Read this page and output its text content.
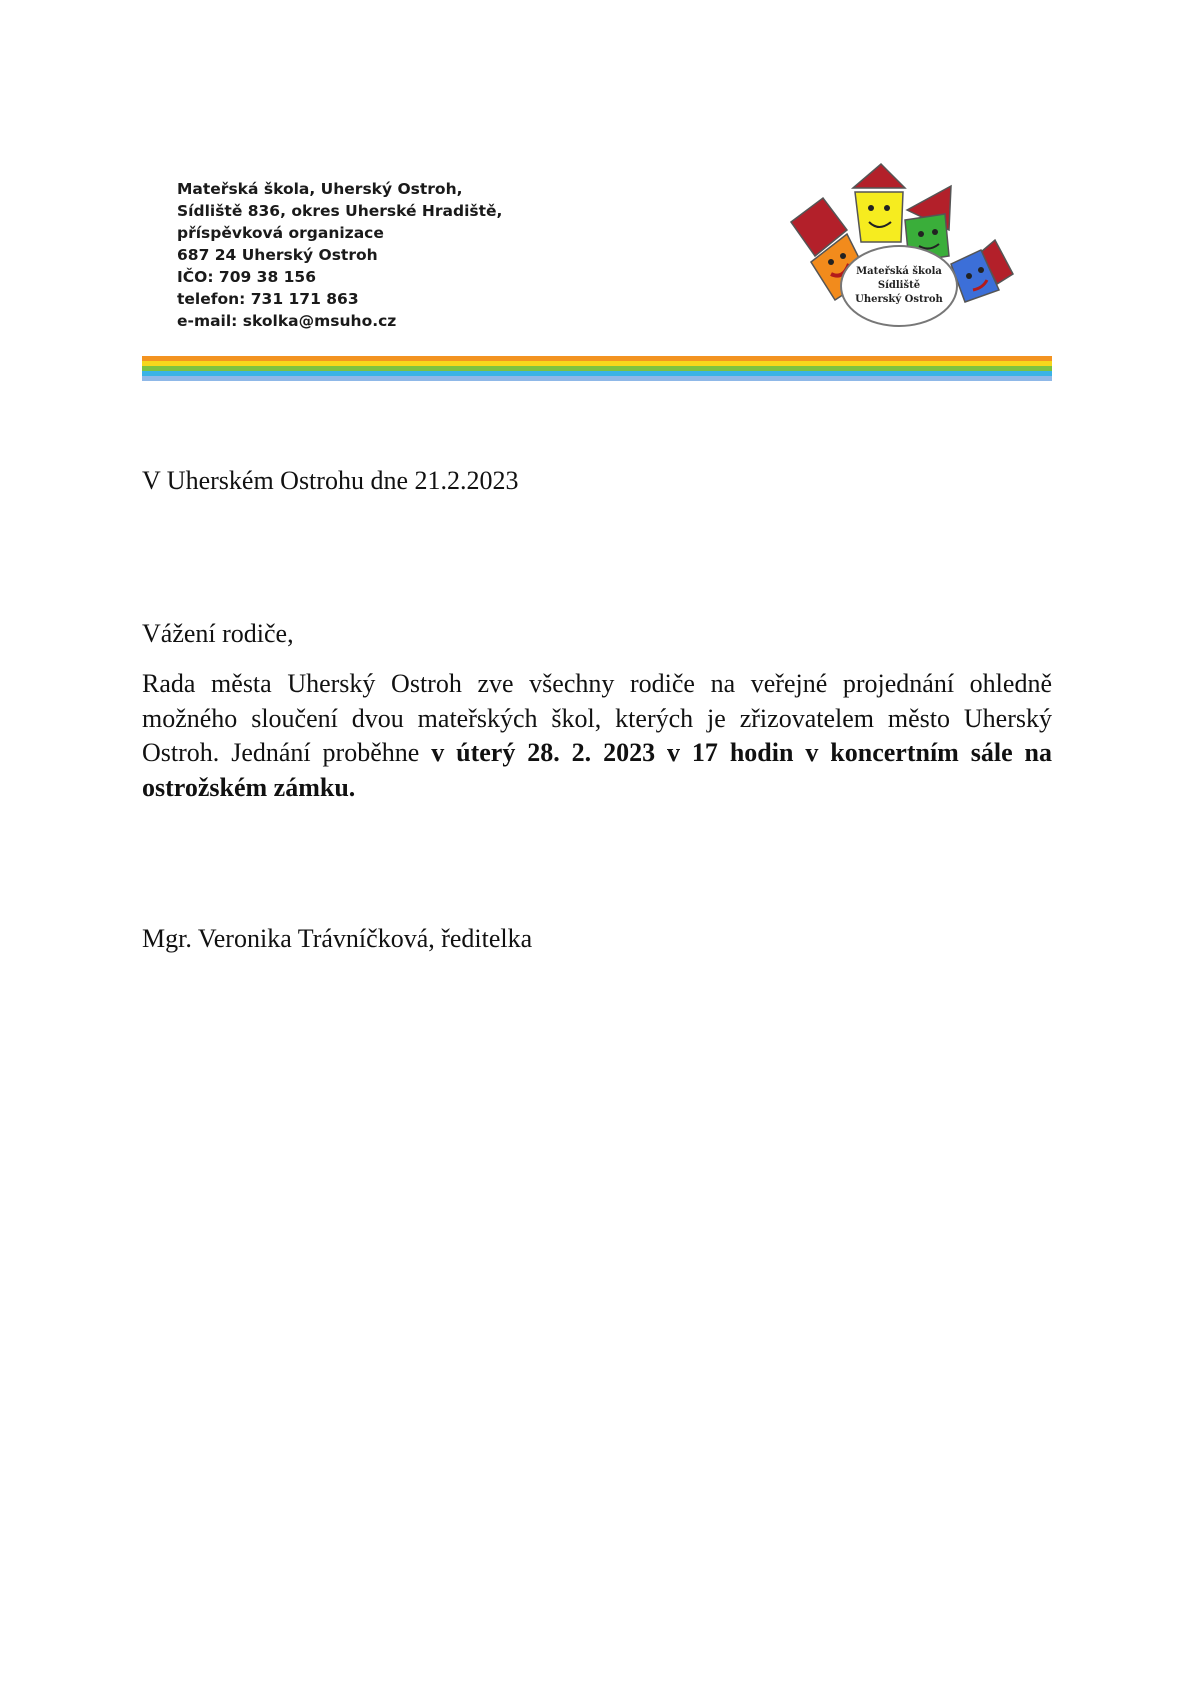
Mateřská škola, Uherský Ostroh,
Sídliště 836, okres Uherské Hradiště,
příspěvková organizace
687 24 Uherský Ostroh
IČO: 709 38 156
telefon: 731 171 863
e-mail: skolka@msuho.cz
Mateřská škola
Sídliště
Uherský Ostroh
V Uherském Ostrohu dne 21.2.2023
Vážení rodiče,
Rada města Uherský Ostroh zve všechny rodiče na veřejné projednání ohledně možného sloučení dvou mateřských škol, kterých je zřizovatelem město Uherský Ostroh. Jednání proběhne v úterý 28. 2. 2023 v 17 hodin v koncertním sále na ostrožském zámku.
Mgr. Veronika Trávníčková, ředitelka
